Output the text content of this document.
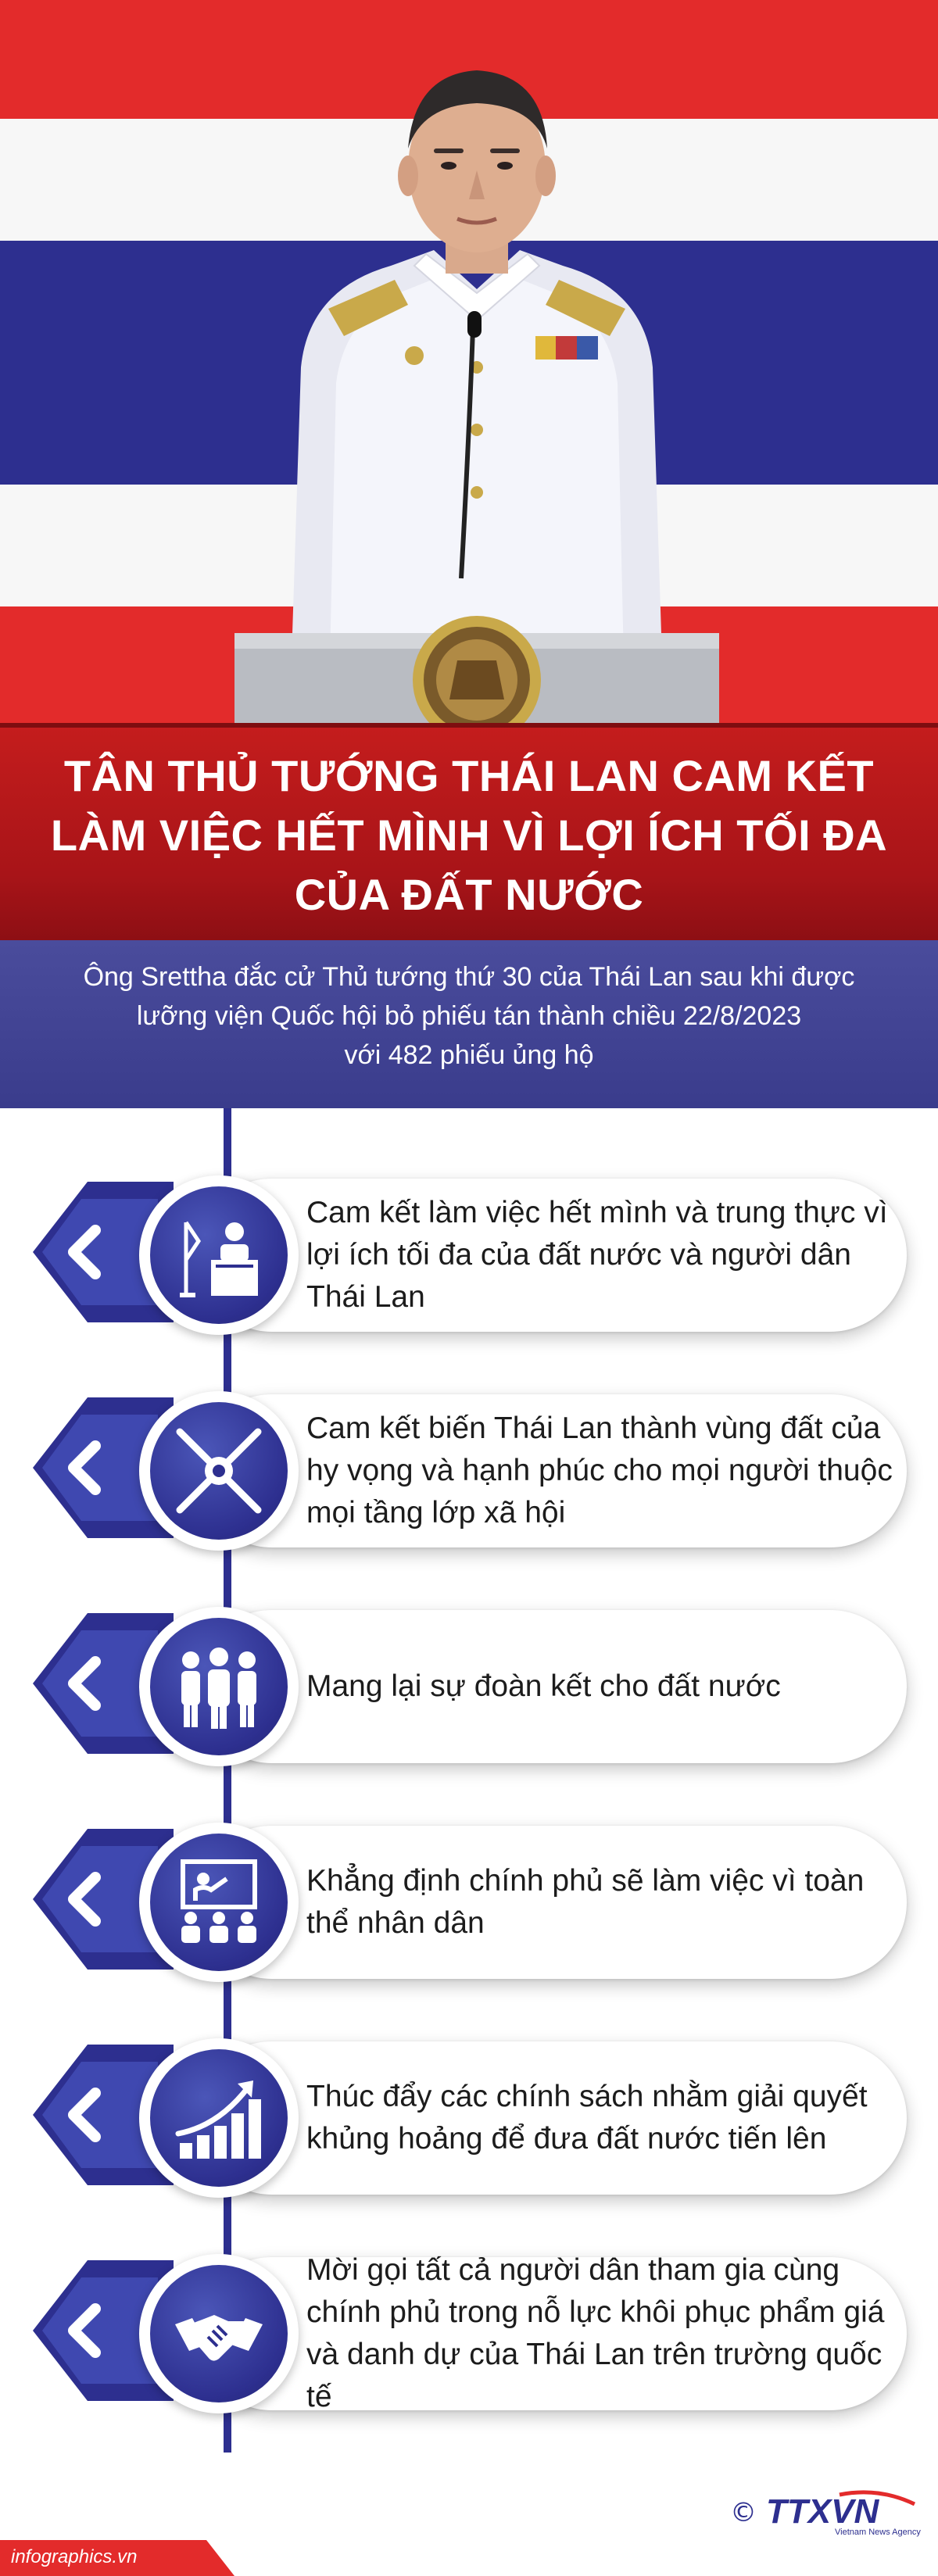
TÂN THỦ TƯỚNG THÁI LAN CAM KẾT
LÀM VIỆC HẾT MÌNH VÌ LỢI ÍCH TỐI ĐA
CỦA ĐẤT NƯỚC
Ông Srettha đắc cử Thủ tướng thứ 30 của Thái Lan sau khi được
lưỡng viện Quốc hội bỏ phiếu tán thành chiều 22/8/2023
với 482 phiếu ủng hộ
Cam kết làm việc hết mình và trung thực vì lợi ích tối đa của đất nước và người dân Thái Lan
Cam kết biến Thái Lan thành vùng đất của hy vọng và hạnh phúc cho mọi người thuộc mọi tầng lớp xã hội
Mang lại sự đoàn kết cho đất nước
Khẳng định chính phủ sẽ làm việc vì toàn thể nhân dân
Thúc đẩy các chính sách nhằm giải quyết khủng hoảng để đưa đất nước tiến lên
Mời gọi tất cả người dân tham gia cùng chính phủ trong nỗ lực khôi phục phẩm giá và danh dự của Thái Lan trên trường quốc tế
infographics.vn
© TTXVN
Vietnam News Agency
